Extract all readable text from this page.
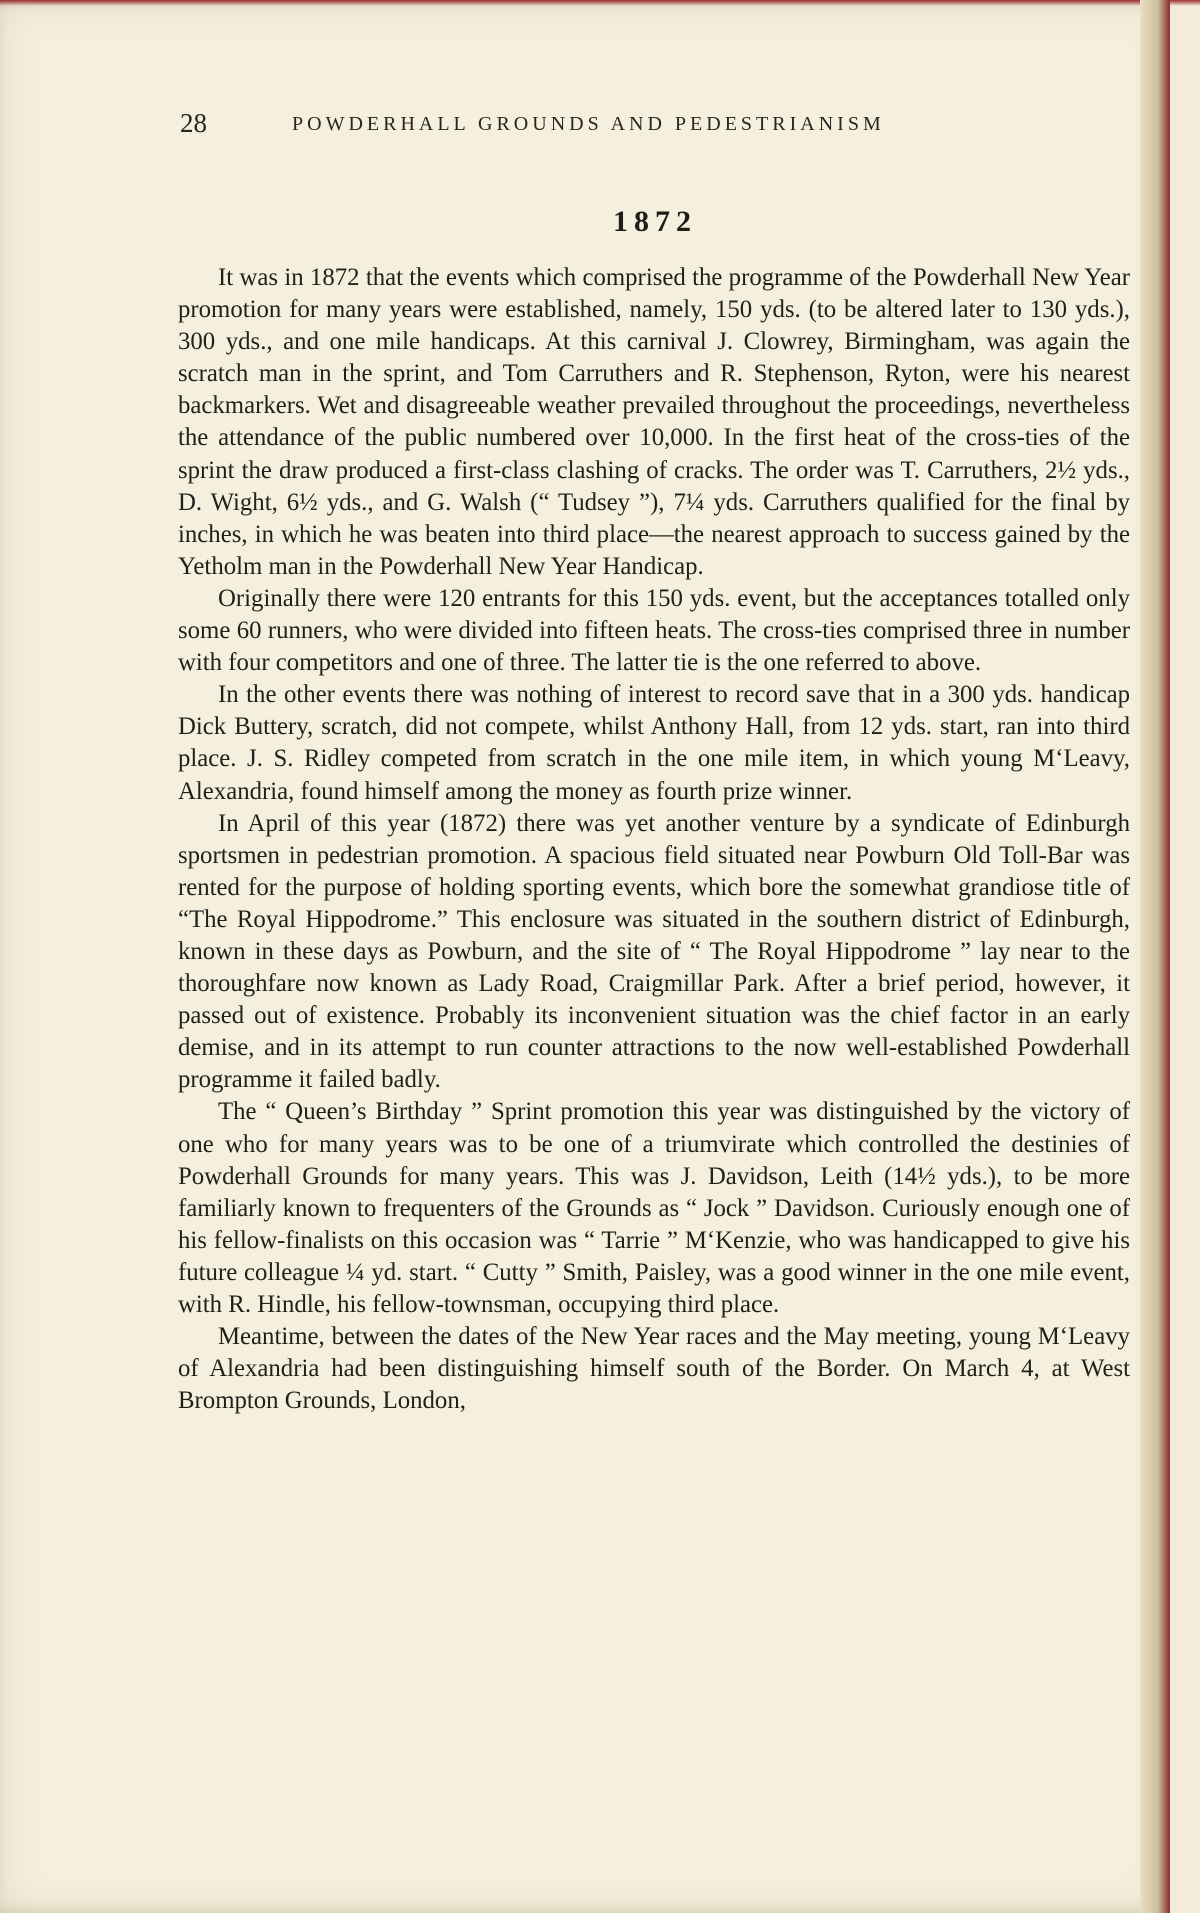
28	POWDERHALL GROUNDS AND PEDESTRIANISM
1872

It was in 1872 that the events which comprised the programme of the Powderhall New Year promotion for many years were established, namely, 150 yds. (to be altered later to 130 yds.), 300 yds., and one mile handicaps. At this carnival J. Clowrey, Birmingham, was again the scratch man in the sprint, and Tom Carruthers and R. Stephenson, Ryton, were his nearest backmarkers. Wet and disagreeable weather prevailed throughout the proceedings, nevertheless the attendance of the public numbered over 10,000. In the first heat of the cross-ties of the sprint the draw produced a first-class clashing of cracks. The order was T. Carruthers, 2½ yds., D. Wight, 6½ yds., and G. Walsh (“ Tudsey ”), 7¼ yds. Carruthers qualified for the final by inches, in which he was beaten into third place—the nearest approach to success gained by the Yetholm man in the Powderhall New Year Handicap.

Originally there were 120 entrants for this 150 yds. event, but the acceptances totalled only some 60 runners, who were divided into fifteen heats. The cross-ties comprised three in number with four competitors and one of three. The latter tie is the one referred to above.

In the other events there was nothing of interest to record save that in a 300 yds. handicap Dick Buttery, scratch, did not compete, whilst Anthony Hall, from 12 yds. start, ran into third place. J. S. Ridley competed from scratch in the one mile item, in which young M‘Leavy, Alexandria, found himself among the money as fourth prize winner.

In April of this year (1872) there was yet another venture by a syndicate of Edinburgh sportsmen in pedestrian promotion. A spacious field situated near Powburn Old Toll-Bar was rented for the purpose of holding sporting events, which bore the somewhat grandiose title of “The Royal Hippodrome.” This enclosure was situated in the southern district of Edinburgh, known in these days as Powburn, and the site of “ The Royal Hippodrome ” lay near to the thoroughfare now known as Lady Road, Craigmillar Park. After a brief period, however, it passed out of existence. Probably its inconvenient situation was the chief factor in an early demise, and in its attempt to run counter attractions to the now well-established Powderhall programme it failed badly.

The “ Queen’s Birthday ” Sprint promotion this year was distinguished by the victory of one who for many years was to be one of a triumvirate which controlled the destinies of Powderhall Grounds for many years. This was J. Davidson, Leith (14½ yds.), to be more familiarly known to frequenters of the Grounds as “ Jock ” Davidson. Curiously enough one of his fellow-finalists on this occasion was “ Tarrie ” M‘Kenzie, who was handicapped to give his future colleague ¼ yd. start. “ Cutty ” Smith, Paisley, was a good winner in the one mile event, with R. Hindle, his fellow-townsman, occupying third place.

Meantime, between the dates of the New Year races and the May meeting, young M‘Leavy of Alexandria had been distinguishing himself south of the Border. On March 4, at West Brompton Grounds, London,
